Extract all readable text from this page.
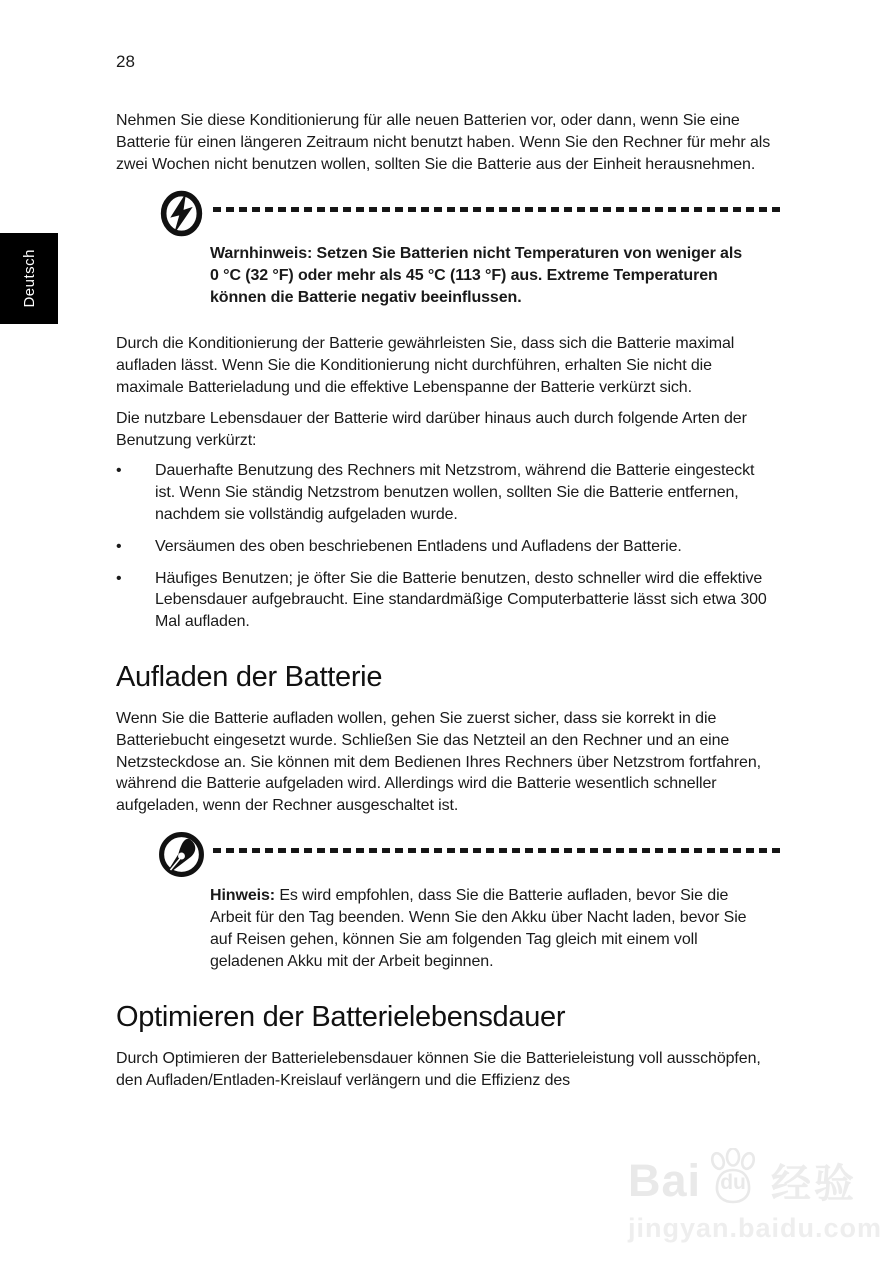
28
Deutsch

Nehmen Sie diese Konditionierung für alle neuen Batterien vor, oder dann, wenn Sie eine Batterie für einen längeren Zeitraum nicht benutzt haben. Wenn Sie den Rechner für mehr als zwei Wochen nicht benutzen wollen, sollten Sie die Batterie aus der Einheit herausnehmen.

Warnhinweis: Setzen Sie Batterien nicht Temperaturen von weniger als 0 °C (32 °F) oder mehr als 45 °C (113 °F) aus. Extreme Temperaturen können die Batterie negativ beeinflussen.

Durch die Konditionierung der Batterie gewährleisten Sie, dass sich die Batterie maximal aufladen lässt. Wenn Sie die Konditionierung nicht durchführen, erhalten Sie nicht die maximale Batterieladung und die effektive Lebenspanne der Batterie verkürzt sich.

Die nutzbare Lebensdauer der Batterie wird darüber hinaus auch durch folgende Arten der Benutzung verkürzt:

•	Dauerhafte Benutzung des Rechners mit Netzstrom, während die Batterie eingesteckt ist. Wenn Sie ständig Netzstrom benutzen wollen, sollten Sie die Batterie entfernen, nachdem sie vollständig aufgeladen wurde.

•	Versäumen des oben beschriebenen Entladens und Aufladens der Batterie.

•	Häufiges Benutzen; je öfter Sie die Batterie benutzen, desto schneller wird die effektive Lebensdauer aufgebraucht. Eine standardmäßige Computerbatterie lässt sich etwa 300 Mal aufladen.

Aufladen der Batterie

Wenn Sie die Batterie aufladen wollen, gehen Sie zuerst sicher, dass sie korrekt in die Batteriebucht eingesetzt wurde. Schließen Sie das Netzteil an den Rechner und an eine Netzsteckdose an. Sie können mit dem Bedienen Ihres Rechners über Netzstrom fortfahren, während die Batterie aufgeladen wird. Allerdings wird die Batterie wesentlich schneller aufgeladen, wenn der Rechner ausgeschaltet ist.

Hinweis: Es wird empfohlen, dass Sie die Batterie aufladen, bevor Sie die Arbeit für den Tag beenden. Wenn Sie den Akku über Nacht laden, bevor Sie auf Reisen gehen, können Sie am folgenden Tag gleich mit einem voll geladenen Akku mit der Arbeit beginnen.

Optimieren der Batterielebensdauer

Durch Optimieren der Batterielebensdauer können Sie die Batterieleistung voll ausschöpfen, den Aufladen/Entladen-Kreislauf verlängern und die Effizienz des

Bai du 经验
jingyan.baidu.com
